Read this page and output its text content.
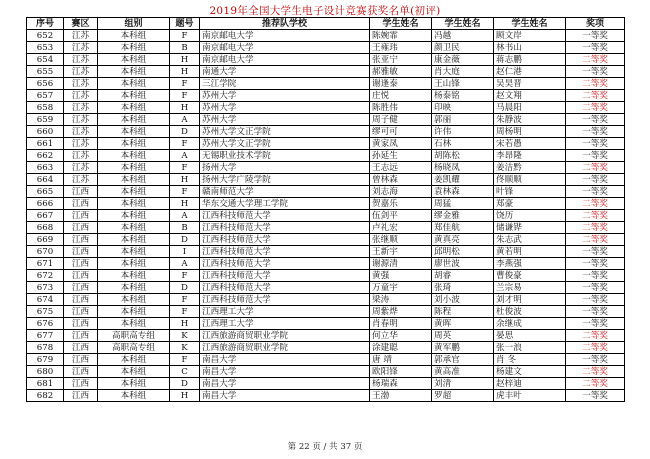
2019年全国大学生电子设计竞赛获奖名单(初评)
序号	赛区	组别	题号	推荐队学校	学生姓名	学生姓名	学生姓名	奖项
652	江苏	本科组	F	南京邮电大学	陈婉霏	冯越	顾文岸	一等奖
653	江苏	本科组	B	南京邮电大学	王雍玮	颜卫民	林书山	一等奖
654	江苏	本科组	H	南京邮电大学	张亚宁	康金薇	蒋志鹏	二等奖
655	江苏	本科组	H	南通大学	郝雅敏	肖大庭	赵仁港	一等奖
656	江苏	本科组	F	三江学院	谢逢泰	王山锋	吴昊晋	二等奖
657	江苏	本科组	F	苏州大学	庄悦	杨泰铭	赵文翔	二等奖
658	江苏	本科组	H	苏州大学	陈胜伟	印映	马晨阳	二等奖
659	江苏	本科组	A	苏州大学	周子健	郭丽	朱静波	一等奖
660	江苏	本科组	D	苏州大学文正学院	缪可可	许伟	周杨明	一等奖
661	江苏	本科组	F	苏州大学文正学院	黄家凤	石林	宋若愚	一等奖
662	江苏	本科组	A	无锡职业技术学院	孙延生	胡陈松	李昂隆	一等奖
663	江苏	本科组	F	扬州大学	王志远	杨晓凤	姜洁黔	二等奖
664	江苏	本科组	H	扬州大学广陵学院	曾林森	姜凯耀	佟顺顺	一等奖
665	江西	本科组	F	赣南师范大学	刘志海	袁林森	叶锋	一等奖
666	江西	本科组	H	华东交通大学理工学院	贺嘉乐	周猛	郑豪	二等奖
667	江西	本科组	A	江西科技师范大学	伍剑平	缪金雅	饶历	二等奖
668	江西	本科组	B	江西科技师范大学	卢礼宏	郑佳航	储谦铧	二等奖
669	江西	本科组	D	江西科技师范大学	张继顺	黄真亮	朱志武	二等奖
670	江西	本科组	I	江西科技师范大学	王新宇	邱明松	黄若明	一等奖
671	江西	本科组	A	江西科技师范大学	谢源清	廖世波	李燕强	一等奖
672	江西	本科组	F	江西科技师范大学	黄强	胡睿	曹俊豪	一等奖
673	江西	本科组	D	江西科技师范大学	万童宇	张琦	兰宗易	一等奖
674	江西	本科组	F	江西科技师范大学	梁涛	刘小波	刘才明	一等奖
675	江西	本科组	F	江西理工大学	周紫烨	陈程	杜俊波	一等奖
676	江西	本科组	H	江西理工大学	肖春明	黄晖	余继成	一等奖
677	江西	高职高专组	K	江西旅游商贸职业学院	何立华	周英	晏思	二等奖
678	江西	高职高专组	K	江西旅游商贸职业学院	涂建聪	黄军鹏	张一浪	二等奖
679	江西	本科组	F	南昌大学	唐 靖	郭承官	肖 冬	一等奖
680	江西	本科组	C	南昌大学	欧阳锋	黄高准	杨建文	二等奖
681	江西	本科组	D	南昌大学	杨瑞森	刘清	赵梓迪	二等奖
682	江西	本科组	H	南昌大学	王渤	罗超	虎丰叶	一等奖
第 22 页 / 共 37 页
